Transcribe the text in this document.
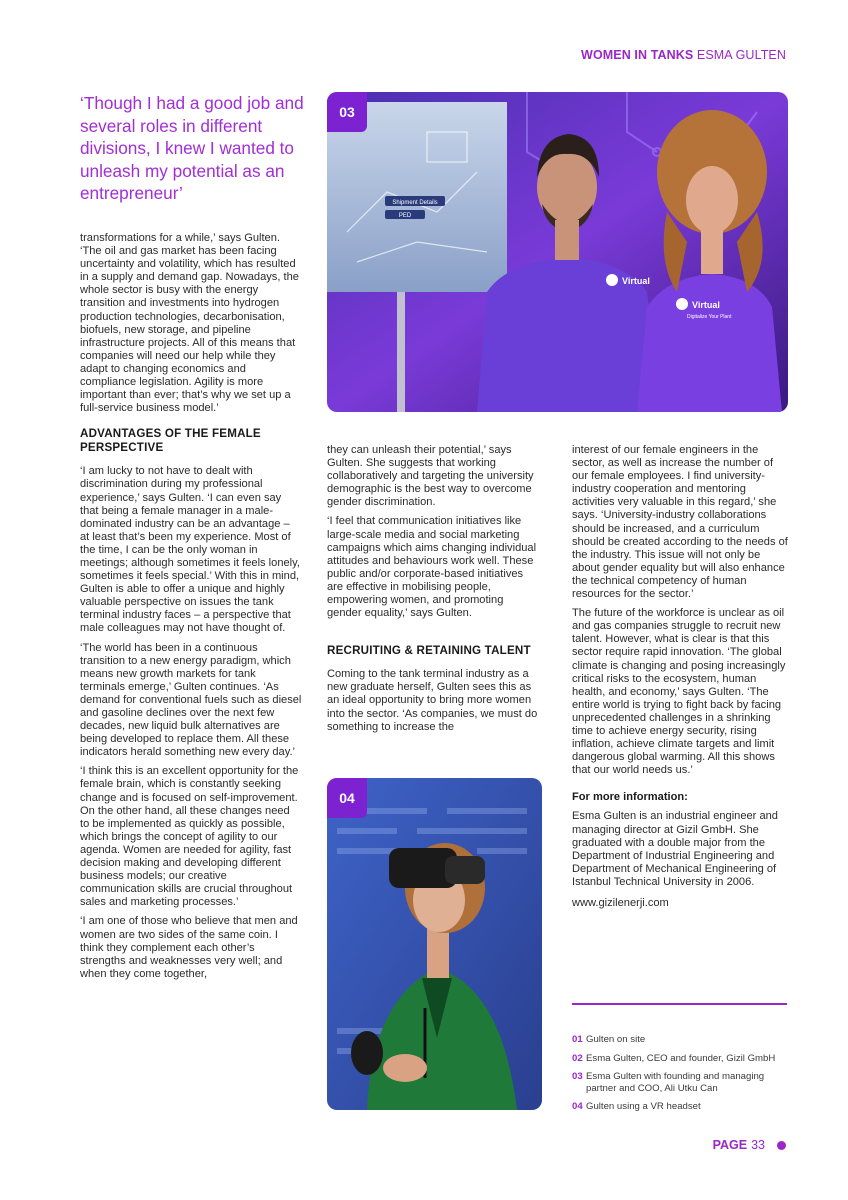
WOMEN IN TANKS ESMA GULTEN
‘Though I had a good job and several roles in different divisions, I knew I wanted to unleash my potential as an entrepreneur’

transformations for a while,’ says Gulten. ‘The oil and gas market has been facing uncertainty and volatility, which has resulted in a supply and demand gap. Nowadays, the whole sector is busy with the energy transition and investments into hydrogen production technologies, decarbonisation, biofuels, new storage, and pipeline infrastructure projects. All of this means that companies will need our help while they adapt to changing economics and compliance legislation. Agility is more important than ever; that’s why we set up a full-service business model.’

ADVANTAGES OF THE FEMALE PERSPECTIVE

‘I am lucky to not have to dealt with discrimination during my professional experience,’ says Gulten. ‘I can even say that being a female manager in a male-dominated industry can be an advantage – at least that’s been my experience. Most of the time, I can be the only woman in meetings; although sometimes it feels lonely, sometimes it feels special.’ With this in mind, Gulten is able to offer a unique and highly valuable perspective on issues the tank terminal industry faces – a perspective that male colleagues may not have thought of.

‘The world has been in a continuous transition to a new energy paradigm, which means new growth markets for tank terminals emerge,’ Gulten continues. ‘As demand for conventional fuels such as diesel and gasoline declines over the next few decades, new liquid bulk alternatives are being developed to replace them. All these indicators herald something new every day.’

‘I think this is an excellent opportunity for the female brain, which is constantly seeking change and is focused on self-improvement. On the other hand, all these changes need to be implemented as quickly as possible, which brings the concept of agility to our agenda. Women are needed for agility, fast decision making and developing different business models; our creative communication skills are crucial throughout sales and marketing processes.’

‘I am one of those who believe that men and women are two sides of the same coin. I think they complement each other’s strengths and weaknesses very well; and when they come together,

Shipment Details
PED
Virtual
Virtual
Digitalize Your Plant
03

they can unleash their potential,’ says Gulten. She suggests that working collaboratively and targeting the university demographic is the best way to overcome gender discrimination.

‘I feel that communication initiatives like large-scale media and social marketing campaigns which aims changing individual attitudes and behaviours work well. These public and/or corporate-based initiatives are effective in mobilising people, empowering women, and promoting gender equality,’ says Gulten.

RECRUITING & RETAINING TALENT

Coming to the tank terminal industry as a new graduate herself, Gulten sees this as an ideal opportunity to bring more women into the sector. ‘As companies, we must do something to increase the

04

interest of our female engineers in the sector, as well as increase the number of our female employees. I find university-industry cooperation and mentoring activities very valuable in this regard,’ she says. ‘University-industry collaborations should be increased, and a curriculum should be created according to the needs of the industry. This issue will not only be about gender equality but will also enhance the technical competency of human resources for the sector.’

The future of the workforce is unclear as oil and gas companies struggle to recruit new talent. However, what is clear is that this sector require rapid innovation. ‘The global climate is changing and posing increasingly critical risks to the ecosystem, human health, and economy,’ says Gulten. ‘The entire world is trying to fight back by facing unprecedented challenges in a shrinking time to achieve energy security, rising inflation, achieve climate targets and limit dangerous global warming. All this shows that our world needs us.’

For more information:

Esma Gulten is an industrial engineer and managing director at Gizil GmbH. She graduated with a double major from the Department of Industrial Engineering and Department of Mechanical Engineering of Istanbul Technical University in 2006.

www.gizilenerji.com

01 Gulten on site
02 Esma Gulten, CEO and founder, Gizil GmbH
03 Esma Gulten with founding and managing partner and COO, Ali Utku Can
04 Gulten using a VR headset
PAGE 33
